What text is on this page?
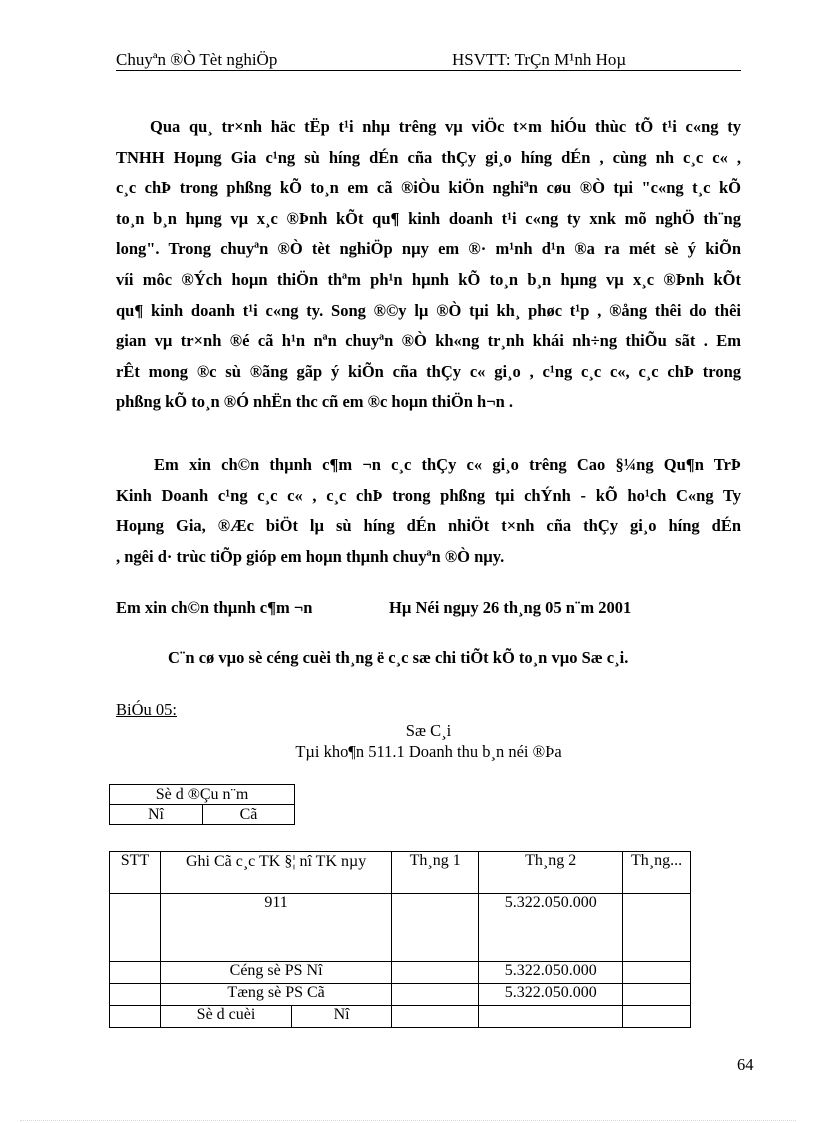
Chuyªn ®Ò Tèt nghiÖp	HSVTT: TrÇn M¹nh Hoµ
Qua qu¸ tr×nh häc tËp t¹i nhµ trêng vµ viÖc t×m hiÓu thùc tÕ t¹i c«ng ty
TNHH Hoµng Gia c¹ng sù híng dÉn cña thÇy gi¸o híng dÉn , cùng nh c¸c c« ,
c¸c chÞ trong phßng kÕ to¸n em cã ®iÒu kiÖn nghiªn cøu ®Ò tµi "c«ng t¸c kÕ
to¸n b¸n hµng vµ x¸c ®Þnh kÕt qu¶ kinh doanh t¹i c«ng ty xnk mõ nghÖ th¨ng
long". Trong chuyªn ®Ò tèt nghiÖp nµy em ®· m¹nh d¹n ®a ra mét sè ý kiÕn
víi môc ®Ých hoµn thiÖn thªm ph¹n hµnh kÕ to¸n b¸n hµng vµ x¸c ®Þnh kÕt
qu¶ kinh doanh t¹i c«ng ty. Song ®©y lµ ®Ò tµi kh¸ phøc t¹p , ®ång thêi do thêi
gian vµ tr×nh ®é cã h¹n nªn chuyªn ®Ò kh«ng tr¸nh khái nh÷ng thiÕu sãt . Em
rÊt mong ®c sù ®ãng gãp ý kiÕn cña thÇy c« gi¸o , c¹ng c¸c c«, c¸c chÞ trong
phßng kÕ to¸n ®Ó nhËn thc cñ em ®c hoµn thiÖn h¬n .
Em xin ch©n thµnh c¶m ¬n c¸c thÇy c« gi¸o trêng Cao §¼ng Qu¶n TrÞ
Kinh Doanh c¹ng c¸c c« , c¸c chÞ trong phßng tµi chÝnh - kÕ ho¹ch C«ng Ty
Hoµng Gia, ®Æc biÖt lµ sù híng dÉn nhiÖt t×nh cña thÇy gi¸o híng dÉn
, ngêi d· trùc tiÕp gióp em hoµn thµnh chuyªn ®Ò nµy.
Em xin ch©n thµnh c¶m ¬n	Hµ Néi ngµy 26 th¸ng 05 n¨m 2001
C¨n cø vµo sè céng cuèi th¸ng ë c¸c sæ chi tiÕt kÕ to¸n vµo Sæ c¸i.
BiÓu 05:
Sæ C¸i
Tµi kho¶n 511.1 Doanh thu b¸n néi ®Þa
Sè d ®Çu n¨m
Nî	Cã
STT	Ghi Cã c¸c TK §¦ nî TK nµy		Th¸ng 1	Th¸ng 2	Th¸ng...
	911			5.322.050.000	
	Céng sè PS Nî			5.322.050.000	
	Tæng sè PS Cã			5.322.050.000	
	Sè d cuèi	Nî			
64
